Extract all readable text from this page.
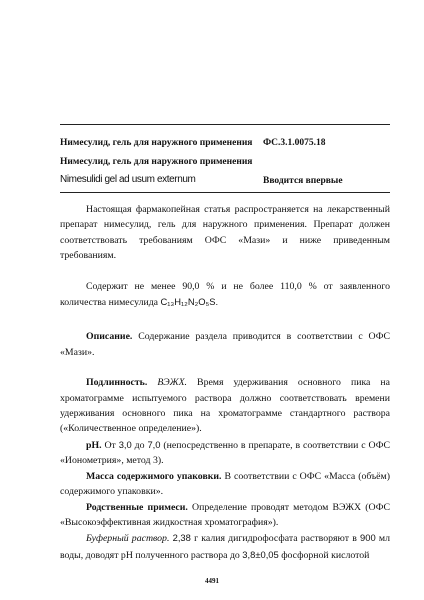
Нимесулид, гель для наружного применения ФС.3.1.0075.18
Нимесулид, гель для наружного применения
Nimesulidi gel ad usum externum	Вводится впервые

Настоящая фармакопейная статья распространяется на лекарственный препарат нимесулид, гель для наружного применения. Препарат должен соответствовать требованиям ОФС «Мази» и ниже приведенным требованиям.

Содержит не менее 90,0 % и не более 110,0 % от заявленного количества нимесулида C₁₃H₁₂N₂O₅S.

Описание. Содержание раздела приводится в соответствии с ОФС «Мази».

Подлинность. ВЭЖХ. Время удерживания основного пика на хроматограмме испытуемого раствора должно соответствовать времени удерживания основного пика на хроматограмме стандартного раствора («Количественное определение»).

pH. От 3,0 до 7,0 (непосредственно в препарате, в соответствии с ОФС «Ионометрия», метод 3).

Масса содержимого упаковки. В соответствии с ОФС «Масса (объём) содержимого упаковки».

Родственные примеси. Определение проводят методом ВЭЖХ (ОФС «Высокоэффективная жидкостная хроматография»).

Буферный раствор. 2,38 г калия дигидрофосфата растворяют в 900 мл воды, доводят pH полученного раствора до 3,8±0,05 фосфорной кислотой

4491
